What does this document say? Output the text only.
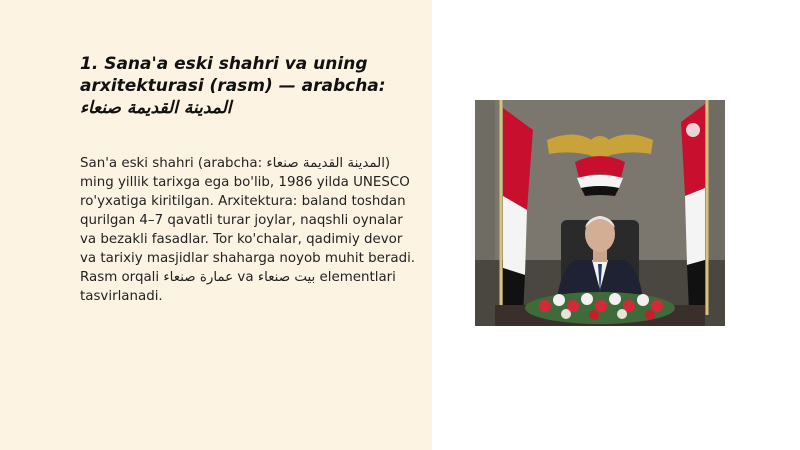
1. Sana'a eski shahri va uning arxitekturasi (rasm) — arabcha: المدينة القديمة صنعاء

San'a eski shahri (arabcha: المدينة القديمة صنعاء) ming yillik tarixga ega bo'lib, 1986 yilda UNESCO ro'yxatiga kiritilgan. Arxitektura: baland toshdan qurilgan 4–7 qavatli turar joylar, naqshli oynalar va bezakli fasadlar. Tor ko'chalar, qadimiy devor va tarixiy masjidlar shaharga noyob muhit beradi. Rasm orqali عمارة صنعاء va بيت صنعاء elementlari tasvirlanadi.
